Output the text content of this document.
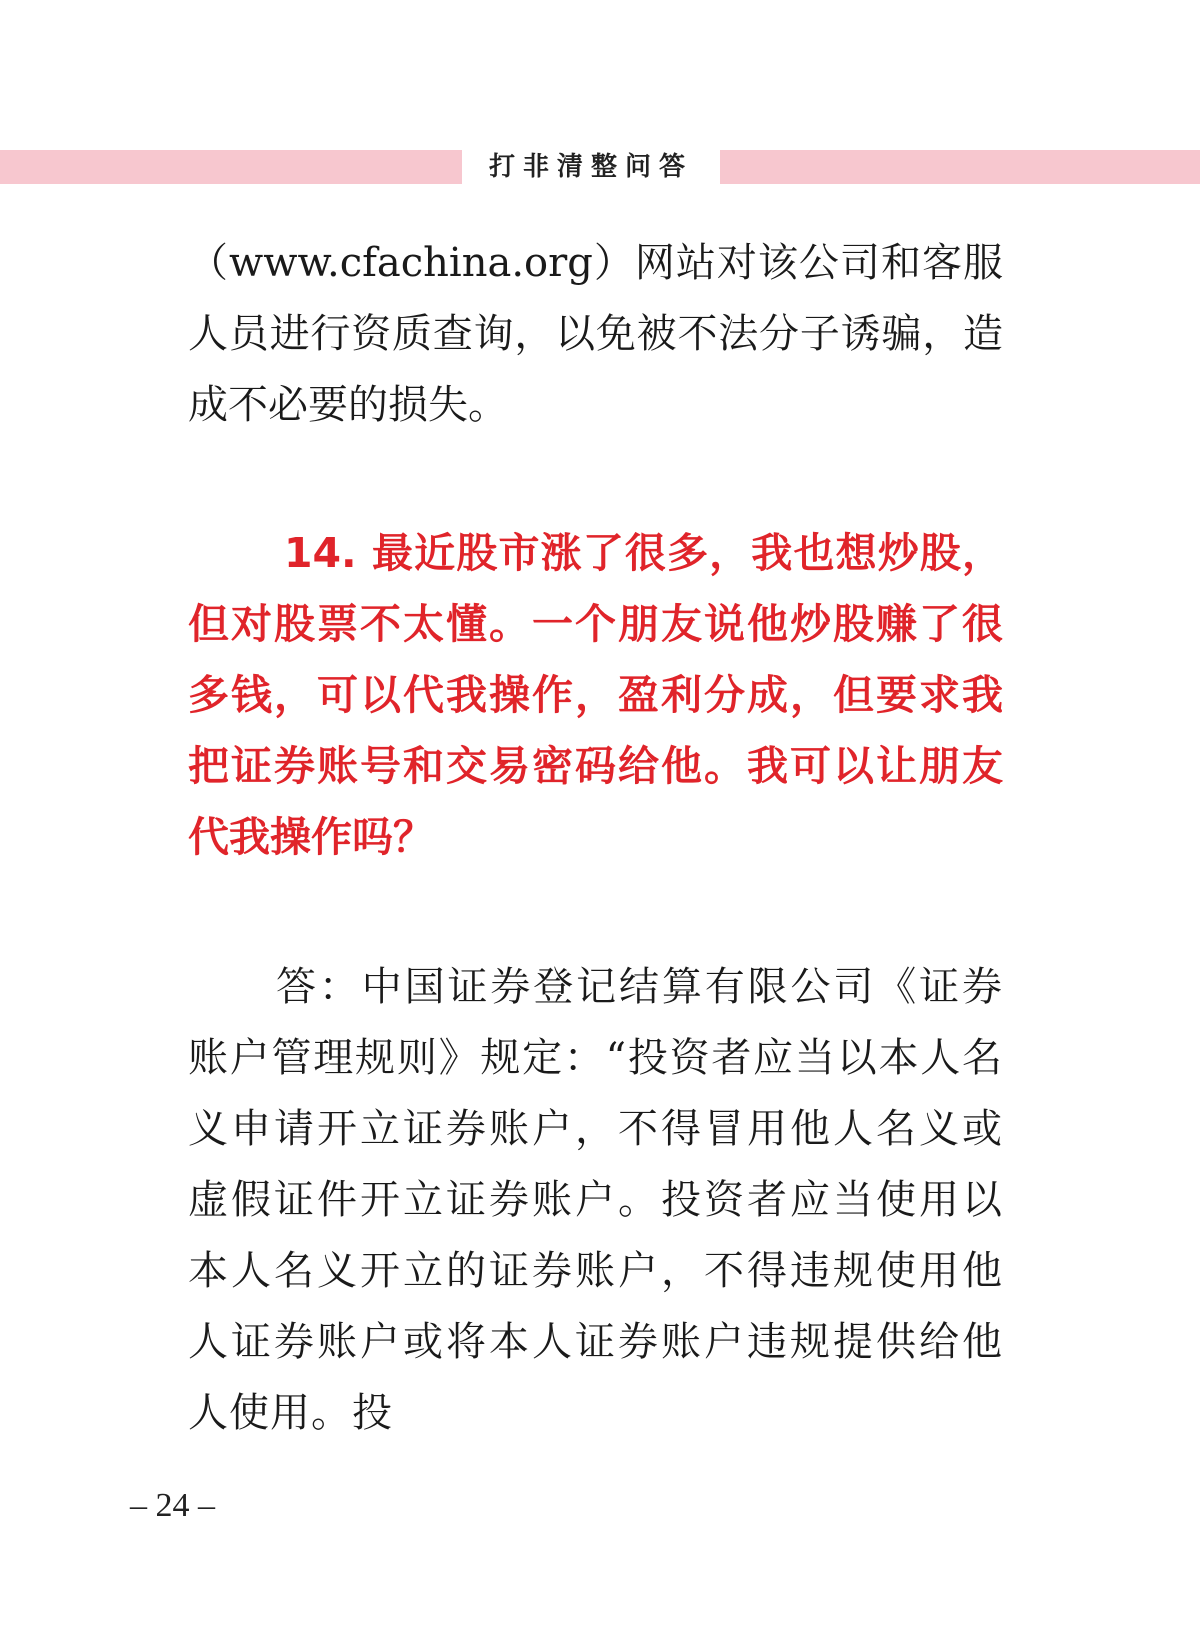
打非清整问答

（www.cfachina.org）网站对该公司和客服人员进行资质查询，以免被不法分子诱骗，造成不必要的损失。

14. 最近股市涨了很多，我也想炒股，但对股票不太懂。一个朋友说他炒股赚了很多钱，可以代我操作，盈利分成，但要求我把证券账号和交易密码给他。我可以让朋友代我操作吗？

答：中国证券登记结算有限公司《证券账户管理规则》规定：“投资者应当以本人名义申请开立证券账户，不得冒用他人名义或虚假证件开立证券账户。投资者应当使用以本人名义开立的证券账户，不得违规使用他人证券账户或将本人证券账户违规提供给他人使用。投

– 24 –
